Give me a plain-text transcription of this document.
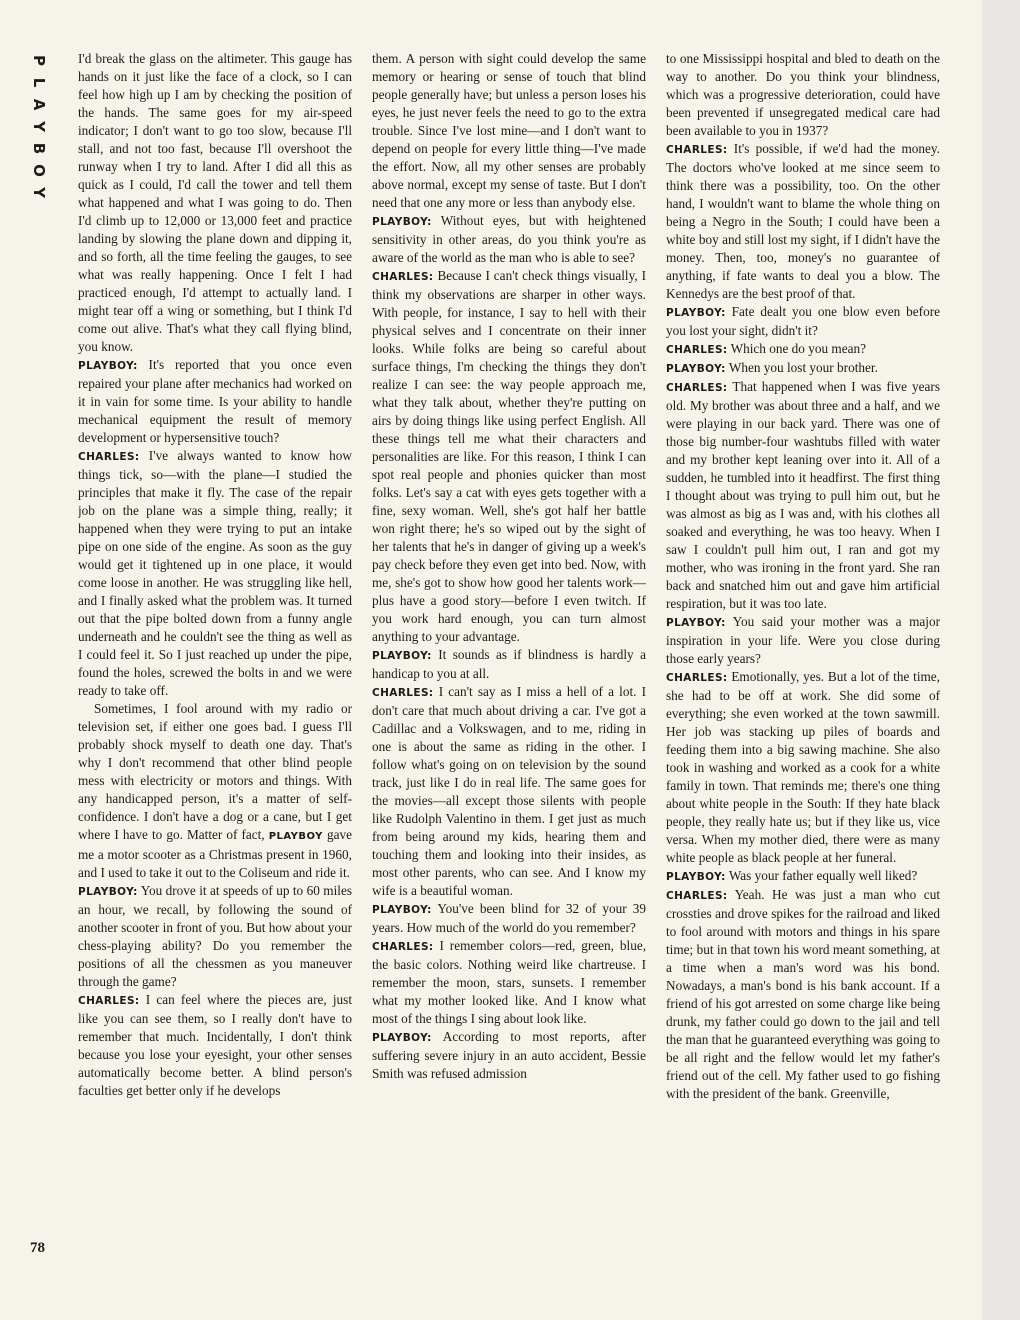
P
L
A
Y
B
O
Y

I'd break the glass on the altimeter. This gauge has hands on it just like the face of a clock, so I can feel how high up I am by checking the position of the hands. The same goes for my air-speed indicator; I don't want to go too slow, because I'll stall, and not too fast, because I'll overshoot the runway when I try to land. After I did all this as quick as I could, I'd call the tower and tell them what happened and what I was going to do. Then I'd climb up to 12,000 or 13,000 feet and practice landing by slowing the plane down and dipping it, and so forth, all the time feeling the gauges, to see what was really happening. Once I felt I had practiced enough, I'd attempt to actually land. I might tear off a wing or something, but I think I'd come out alive. That's what they call flying blind, you know.

PLAYBOY: It's reported that you once even repaired your plane after mechanics had worked on it in vain for some time. Is your ability to handle mechanical equipment the result of memory development or hypersensitive touch?

CHARLES: I've always wanted to know how things tick, so—with the plane—I studied the principles that make it fly. The case of the repair job on the plane was a simple thing, really; it happened when they were trying to put an intake pipe on one side of the engine. As soon as the guy would get it tightened up in one place, it would come loose in another. He was struggling like hell, and I finally asked what the problem was. It turned out that the pipe bolted down from a funny angle underneath and he couldn't see the thing as well as I could feel it. So I just reached up under the pipe, found the holes, screwed the bolts in and we were ready to take off.

Sometimes, I fool around with my radio or television set, if either one goes bad. I guess I'll probably shock myself to death one day. That's why I don't recommend that other blind people mess with electricity or motors and things. With any handicapped person, it's a matter of self-confidence. I don't have a dog or a cane, but I get where I have to go. Matter of fact, PLAYBOY gave me a motor scooter as a Christmas present in 1960, and I used to take it out to the Coliseum and ride it.

PLAYBOY: You drove it at speeds of up to 60 miles an hour, we recall, by following the sound of another scooter in front of you. But how about your chess-playing ability? Do you remember the positions of all the chessmen as you maneuver through the game?

CHARLES: I can feel where the pieces are, just like you can see them, so I really don't have to remember that much. Incidentally, I don't think because you lose your eyesight, your other senses automatically become better. A blind person's faculties get better only if he develops

them. A person with sight could develop the same memory or hearing or sense of touch that blind people generally have; but unless a person loses his eyes, he just never feels the need to go to the extra trouble. Since I've lost mine—and I don't want to depend on people for every little thing—I've made the effort. Now, all my other senses are probably above normal, except my sense of taste. But I don't need that one any more or less than anybody else.

PLAYBOY: Without eyes, but with heightened sensitivity in other areas, do you think you're as aware of the world as the man who is able to see?

CHARLES: Because I can't check things visually, I think my observations are sharper in other ways. With people, for instance, I say to hell with their physical selves and I concentrate on their inner looks. While folks are being so careful about surface things, I'm checking the things they don't realize I can see: the way people approach me, what they talk about, whether they're putting on airs by doing things like using perfect English. All these things tell me what their characters and personalities are like. For this reason, I think I can spot real people and phonies quicker than most folks. Let's say a cat with eyes gets together with a fine, sexy woman. Well, she's got half her battle won right there; he's so wiped out by the sight of her talents that he's in danger of giving up a week's pay check before they even get into bed. Now, with me, she's got to show how good her talents work—plus have a good story—before I even twitch. If you work hard enough, you can turn almost anything to your advantage.

PLAYBOY: It sounds as if blindness is hardly a handicap to you at all.

CHARLES: I can't say as I miss a hell of a lot. I don't care that much about driving a car. I've got a Cadillac and a Volkswagen, and to me, riding in one is about the same as riding in the other. I follow what's going on on television by the sound track, just like I do in real life. The same goes for the movies—all except those silents with people like Rudolph Valentino in them. I get just as much from being around my kids, hearing them and touching them and looking into their insides, as most other parents, who can see. And I know my wife is a beautiful woman.

PLAYBOY: You've been blind for 32 of your 39 years. How much of the world do you remember?

CHARLES: I remember colors—red, green, blue, the basic colors. Nothing weird like chartreuse. I remember the moon, stars, sunsets. I remember what my mother looked like. And I know what most of the things I sing about look like.

PLAYBOY: According to most reports, after suffering severe injury in an auto accident, Bessie Smith was refused admission

to one Mississippi hospital and bled to death on the way to another. Do you think your blindness, which was a progressive deterioration, could have been prevented if unsegregated medical care had been available to you in 1937?

CHARLES: It's possible, if we'd had the money. The doctors who've looked at me since seem to think there was a possibility, too. On the other hand, I wouldn't want to blame the whole thing on being a Negro in the South; I could have been a white boy and still lost my sight, if I didn't have the money. Then, too, money's no guarantee of anything, if fate wants to deal you a blow. The Kennedys are the best proof of that.

PLAYBOY: Fate dealt you one blow even before you lost your sight, didn't it?

CHARLES: Which one do you mean?

PLAYBOY: When you lost your brother.

CHARLES: That happened when I was five years old. My brother was about three and a half, and we were playing in our back yard. There was one of those big number-four washtubs filled with water and my brother kept leaning over into it. All of a sudden, he tumbled into it headfirst. The first thing I thought about was trying to pull him out, but he was almost as big as I was and, with his clothes all soaked and everything, he was too heavy. When I saw I couldn't pull him out, I ran and got my mother, who was ironing in the front yard. She ran back and snatched him out and gave him artificial respiration, but it was too late.

PLAYBOY: You said your mother was a major inspiration in your life. Were you close during those early years?

CHARLES: Emotionally, yes. But a lot of the time, she had to be off at work. She did some of everything; she even worked at the town sawmill. Her job was stacking up piles of boards and feeding them into a big sawing machine. She also took in washing and worked as a cook for a white family in town. That reminds me; there's one thing about white people in the South: If they hate black people, they really hate us; but if they like us, vice versa. When my mother died, there were as many white people as black people at her funeral.

PLAYBOY: Was your father equally well liked?

CHARLES: Yeah. He was just a man who cut crossties and drove spikes for the railroad and liked to fool around with motors and things in his spare time; but in that town his word meant something, at a time when a man's word was his bond. Nowadays, a man's bond is his bank account. If a friend of his got arrested on some charge like being drunk, my father could go down to the jail and tell the man that he guaranteed everything was going to be all right and the fellow would let my father's friend out of the cell. My father used to go fishing with the president of the bank. Greenville,

78
